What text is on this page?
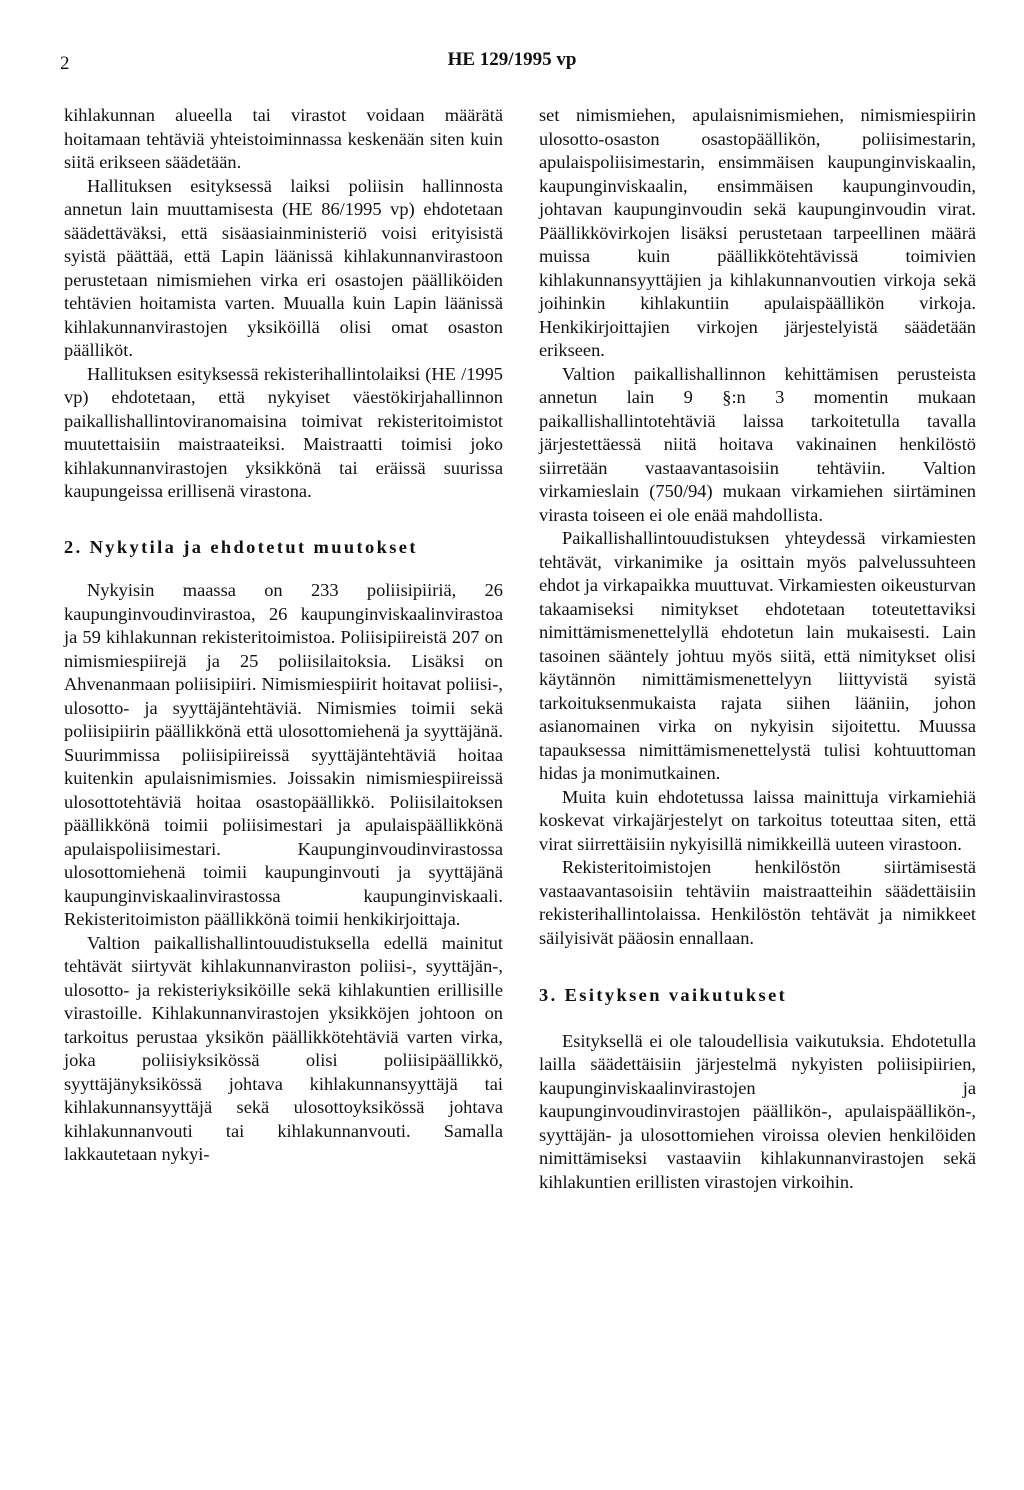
2	HE 129/1995 vp

kihlakunnan alueella tai virastot voidaan määrätä hoitamaan tehtäviä yhteistoiminnassa keskenään siten kuin siitä erikseen säädetään.

Hallituksen esityksessä laiksi poliisin hallinnosta annetun lain muuttamisesta (HE 86/1995 vp) ehdotetaan säädettäväksi, että sisäasiainministeriö voisi erityisistä syistä päättää, että Lapin läänissä kihlakunnanvirastoon perustetaan nimismiehen virka eri osastojen päälliköiden tehtävien hoitamista varten. Muualla kuin Lapin läänissä kihlakunnanvirastojen yksiköillä olisi omat osaston päälliköt.

Hallituksen esityksessä rekisterihallintolaiksi (HE /1995 vp) ehdotetaan, että nykyiset väestökirjahallinnon paikallishallintoviranomaisina toimivat rekisteritoimistot muutettaisiin maistraateiksi. Maistraatti toimisi joko kihlakunnanvirastojen yksikkönä tai eräissä suurissa kaupungeissa erillisenä virastona.

2. Nykytila ja ehdotetut muutokset

Nykyisin maassa on 233 poliisipiiriä, 26 kaupunginvoudinvirastoa, 26 kaupunginviskaalinvirastoa ja 59 kihlakunnan rekisteritoimistoa. Poliisipiireistä 207 on nimismiespiirejä ja 25 poliisilaitoksia. Lisäksi on Ahvenanmaan poliisipiiri. Nimismiespiirit hoitavat poliisi-, ulosotto- ja syyttäjäntehtäviä. Nimismies toimii sekä poliisipiirin päällikkönä että ulosottomiehenä ja syyttäjänä. Suurimmissa poliisipiireissä syyttäjäntehtäviä hoitaa kuitenkin apulaisnimismies. Joissakin nimismiespiireissä ulosottotehtäviä hoitaa osastopäällikkö. Poliisilaitoksen päällikkönä toimii poliisimestari ja apulaispäällikkönä apulaispoliisimestari. Kaupunginvoudinvirastossa ulosottomiehenä toimii kaupunginvouti ja syyttäjänä kaupunginviskaalinvirastossa kaupunginviskaali. Rekisteritoimiston päällikkönä toimii henkikirjoittaja.

Valtion paikallishallintouudistuksella edellä mainitut tehtävät siirtyvät kihlakunnanviraston poliisi-, syyttäjän-, ulosotto- ja rekisteriyksiköille sekä kihlakuntien erillisille virastoille. Kihlakunnanvirastojen yksikköjen johtoon on tarkoitus perustaa yksikön päällikkötehtäviä varten virka, joka poliisiyksikössä olisi poliisipäällikkö, syyttäjänyksikössä johtava kihlakunnansyyttäjä tai kihlakunnansyyttäjä sekä ulosottoyksikössä johtava kihlakunnanvouti tai kihlakunnanvouti. Samalla lakkautetaan nykyi-

set nimismiehen, apulaisnimismiehen, nimismiespiirin ulosotto-osaston osastopäällikön, poliisimestarin, apulaispoliisimestarin, ensimmäisen kaupunginviskaalin, kaupunginviskaalin, ensimmäisen kaupunginvoudin, johtavan kaupunginvoudin sekä kaupunginvoudin virat. Päällikkövirkojen lisäksi perustetaan tarpeellinen määrä muissa kuin päällikkötehtävissä toimivien kihlakunnansyyttäjien ja kihlakunnanvoutien virkoja sekä joihinkin kihlakuntiin apulaispäällikön virkoja. Henkikirjoittajien virkojen järjestelyistä säädetään erikseen.

Valtion paikallishallinnon kehittämisen perusteista annetun lain 9 §:n 3 momentin mukaan paikallishallintotehtäviä laissa tarkoitetulla tavalla järjestettäessä niitä hoitava vakinainen henkilöstö siirretään vastaavantasoisiin tehtäviin. Valtion virkamieslain (750/94) mukaan virkamiehen siirtäminen virasta toiseen ei ole enää mahdollista.

Paikallishallintouudistuksen yhteydessä virkamiesten tehtävät, virkanimike ja osittain myös palvelussuhteen ehdot ja virkapaikka muuttuvat. Virkamiesten oikeusturvan takaamiseksi nimitykset ehdotetaan toteutettaviksi nimittämismenettelyllä ehdotetun lain mukaisesti. Lain tasoinen sääntely johtuu myös siitä, että nimitykset olisi käytännön nimittämismenettelyyn liittyvistä syistä tarkoituksenmukaista rajata siihen lääniin, johon asianomainen virka on nykyisin sijoitettu. Muussa tapauksessa nimittämismenettelystä tulisi kohtuuttoman hidas ja monimutkainen.

Muita kuin ehdotetussa laissa mainittuja virkamiehiä koskevat virkajärjestelyt on tarkoitus toteuttaa siten, että virat siirrettäisiin nykyisillä nimikkeillä uuteen virastoon.

Rekisteritoimistojen henkilöstön siirtämisestä vastaavantasoisiin tehtäviin maistraatteihin säädettäisiin rekisterihallintolaissa. Henkilöstön tehtävät ja nimikkeet säilyisivät pääosin ennallaan.

3. Esityksen vaikutukset

Esityksellä ei ole taloudellisia vaikutuksia. Ehdotetulla lailla säädettäisiin järjestelmä nykyisten poliisipiirien, kaupunginviskaalinvirastojen ja kaupunginvoudinvirastojen päällikön-, apulaispäällikön-, syyttäjän- ja ulosottomiehen viroissa olevien henkilöiden nimittämiseksi vastaaviin kihlakunnanvirastojen sekä kihlakuntien erillisten virastojen virkoihin.
